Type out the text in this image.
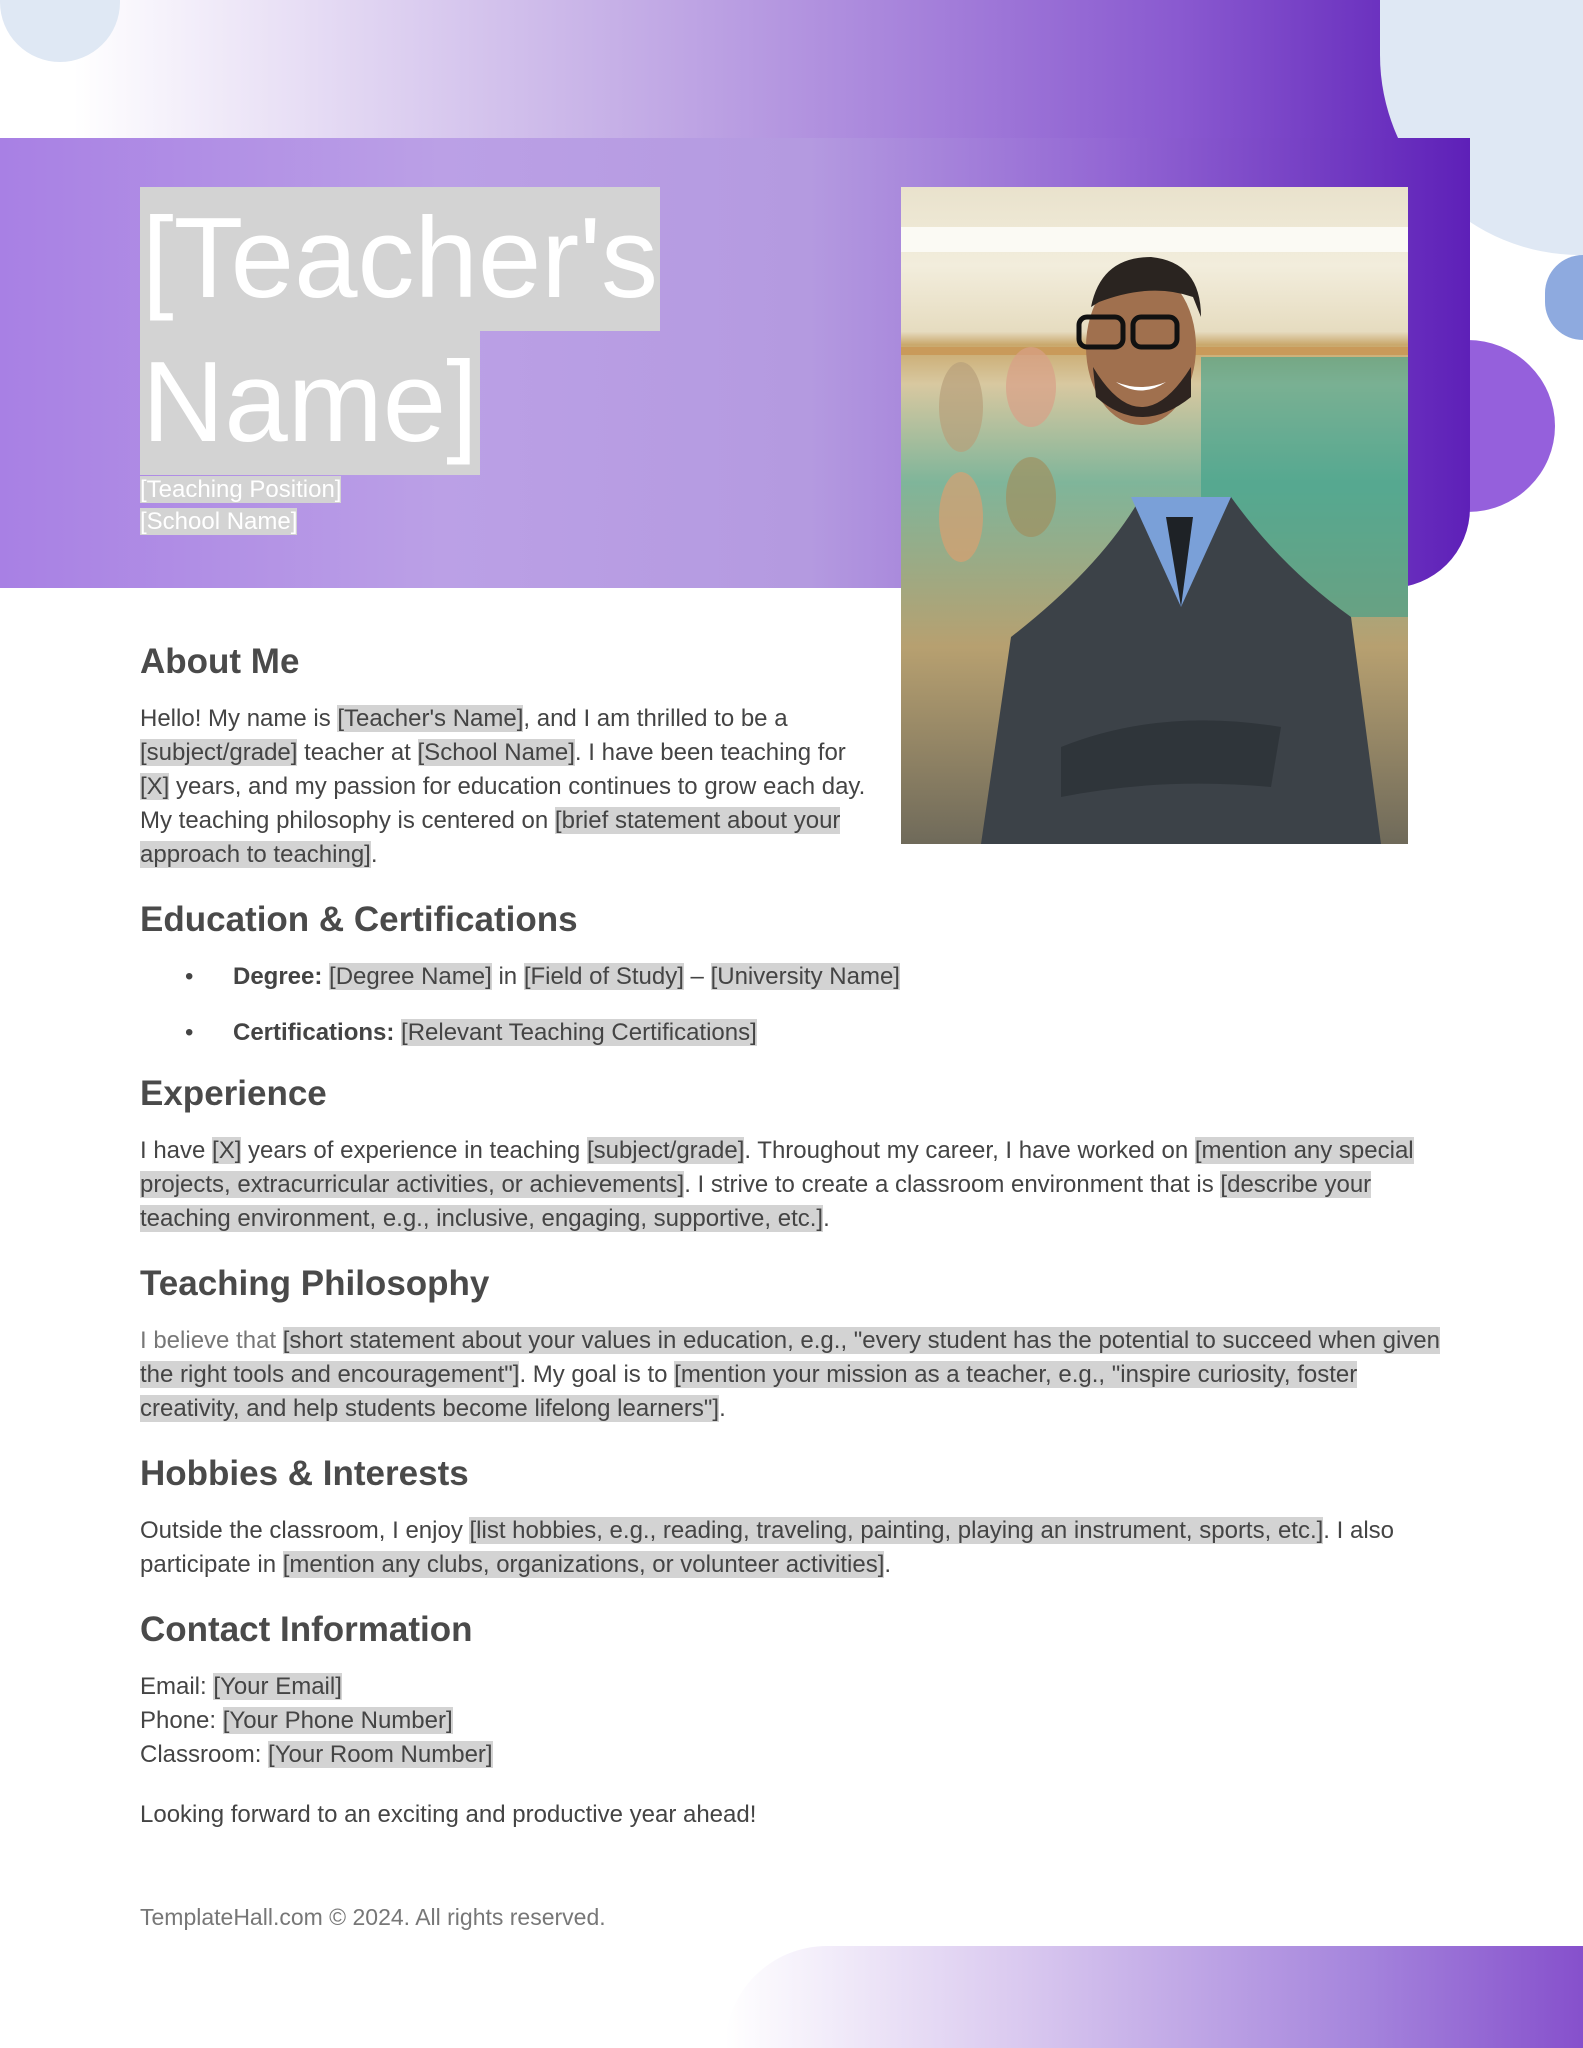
[Teacher's
Name]
[Teaching Position]
[School Name]
About Me

Hello! My name is [Teacher's Name], and I am thrilled to be a [subject/grade] teacher at [School Name]. I have been teaching for [X] years, and my passion for education continues to grow each day. My teaching philosophy is centered on [brief statement about your approach to teaching].

Education & Certifications
• Degree: [Degree Name] in [Field of Study] – [University Name]
• Certifications: [Relevant Teaching Certifications]
Experience

I have [X] years of experience in teaching [subject/grade]. Throughout my career, I have worked on [mention any special projects, extracurricular activities, or achievements]. I strive to create a classroom environment that is [describe your teaching environment, e.g., inclusive, engaging, supportive, etc.].

Teaching Philosophy

I believe that [short statement about your values in education, e.g., "every student has the potential to succeed when given the right tools and encouragement"]. My goal is to [mention your mission as a teacher, e.g., "inspire curiosity, foster creativity, and help students become lifelong learners"].

Hobbies & Interests

Outside the classroom, I enjoy [list hobbies, e.g., reading, traveling, painting, playing an instrument, sports, etc.]. I also participate in [mention any clubs, organizations, or volunteer activities].

Contact Information

Email: [Your Email]
Phone: [Your Phone Number]
Classroom: [Your Room Number]

Looking forward to an exciting and productive year ahead!

TemplateHall.com © 2024. All rights reserved.
